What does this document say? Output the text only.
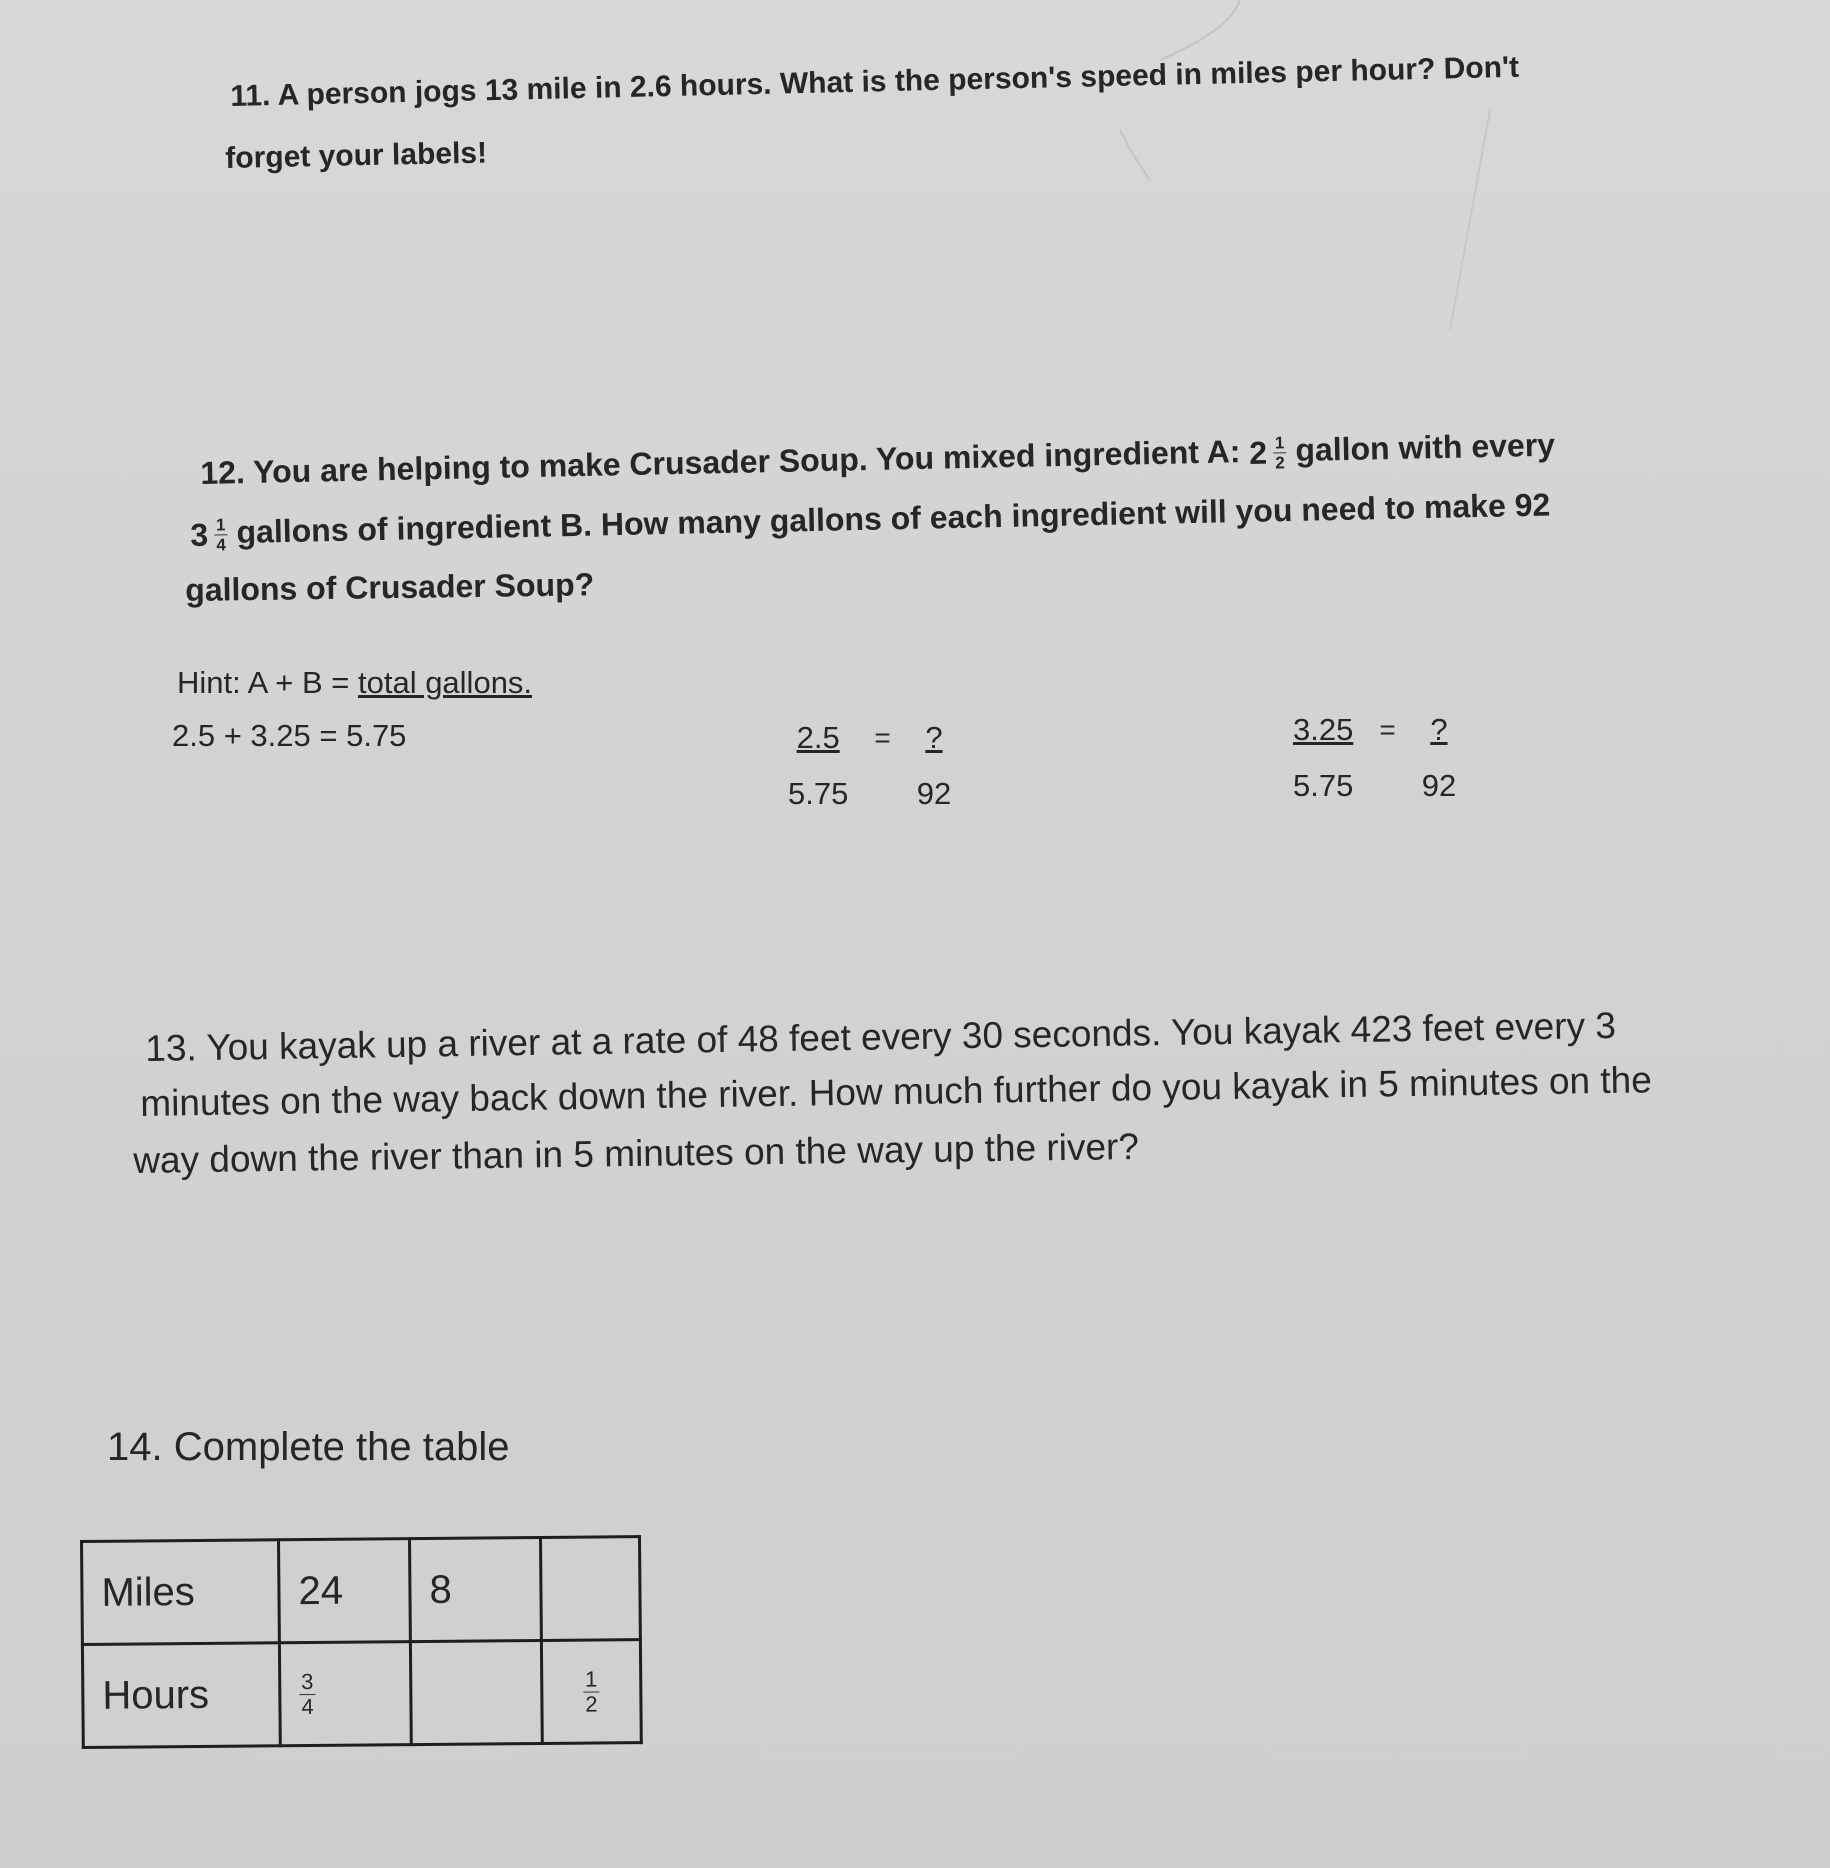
11. A person jogs 13 mile in 2.6 hours. What is the person's speed in miles per hour? Don't
forget your labels!
12. You are helping to make Crusader Soup. You mixed ingredient A: $2 \frac{1}{2}$ gallon with every
$3 \frac{1}{4}$ gallons of ingredient B. How many gallons of each ingredient will you need to make 92
gallons of Crusader Soup?
Hint: A + B = total gallons.
2.5 + 3.25 = 5.75	2.5 = ?
5.75 92
3.25 = ?
5.75 92
13. You kayak up a river at a rate of 48 feet every 30 seconds. You kayak 423 feet every 3
minutes on the way back down the river. How much further do you kayak in 5 minutes on the
way down the river than in 5 minutes on the way up the river?
14. Complete the table
Miles	24	8	
Hours	$\frac{3}{4}$		$\frac{1}{2}$
